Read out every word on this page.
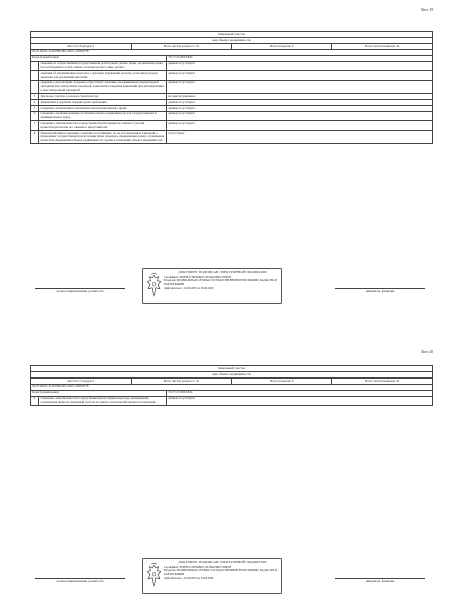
Лист 19
Земельный участок
вид объекта недвижимости
Лист № 16 раздела 2	Всего листов раздела 2: 19	Всего разделов: 6	Всего листов выписки: 24

02.07.2025г. № КУВИ-001/2025-133964778
Кадастровый номер:	72:17:1313001:824
	сведения об осуществлении государственной регистрации сделки, права, ограничения права без необходимого в силу закона согласия третьего лица, органа:	данные отсутствуют
	сведения об управляющем залогом и о договоре управления залогом, если такой договор заключен для управления ипотекой:	данные отсутствуют
	сведения о депозитарии, который осуществляет хранение обездвиженной документарной закладной или электронной закладной, и внесения в сведения изменений при депонировании в нем электронной закладной:	данные отсутствуют
3	Договоры участия в долевом строительстве:	не зарегистрировано
4	Заявленные в судебном порядке права требования:	данные отсутствуют
5	Сведения о возражении в отношении зарегистрированного права:	данные отсутствуют
6	Сведения о наличии решения об изъятии объекта недвижимости для государственных и муниципальных нужд:	данные отсутствуют
7	Сведения о невозможности государственной регистрации без личного участия правообладателя или его законного представителя:	данные отсутствуют
8	Правопритязания и сведения о наличии поступивших, но не рассмотренных заявлений о проведении государственной регистрации права (перехода, прекращения права), ограничения права или обременения объекта недвижимости, сделки в отношении объекта недвижимости:	отсутствуют
полное наименование должности
ДОКУМЕНТ ПОДПИСАН ЭЛЕКТРОННОЙ ПОДПИСЬЮ
Сертификат: 0E9F0E1C8E8AB01C2E3D4A5B6C7D8E9F
Владелец: ФЕДЕРАЛЬНАЯ СЛУЖБА ГОСУДАРСТВЕННОЙ РЕГИСТРАЦИИ, КАДАСТРА И КАРТОГРАФИИ
Действителен: с 10.06.2025 по 03.09.2026
инициалы, фамилия
Лист 20
Земельный участок
вид объекта недвижимости
Лист № 17 раздела 2	Всего листов раздела 2: 19	Всего разделов: 6	Всего листов выписки: 24

02.07.2025г. № КУВИ-001/2025-133964778
Кадастровый номер:	72:17:1313001:824
9	Сведения о невозможности государственной регистрации перехода, прекращения, ограничения права на земельный участок из земель сельскохозяйственного назначения:	данные отсутствуют
полное наименование должности
ДОКУМЕНТ ПОДПИСАН ЭЛЕКТРОННОЙ ПОДПИСЬЮ
Сертификат: 0E9F0E1C8E8AB01C2E3D4A5B6C7D8E9F
Владелец: ФЕДЕРАЛЬНАЯ СЛУЖБА ГОСУДАРСТВЕННОЙ РЕГИСТРАЦИИ, КАДАСТРА И КАРТОГРАФИИ
Действителен: с 10.06.2025 по 03.09.2026
инициалы, фамилия
